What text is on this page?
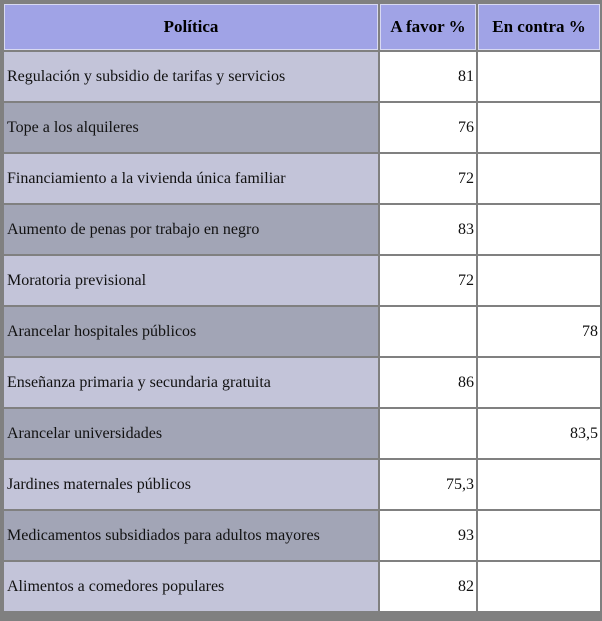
Política	A favor %	En contra %
Regulación y subsidio de tarifas y servicios	81	
Tope a los alquileres	76	
Financiamiento a la vivienda única familiar	72	
Aumento de penas por trabajo en negro	83	
Moratoria previsional	72	
Arancelar hospitales públicos		78
Enseñanza primaria y secundaria gratuita	86	
Arancelar universidades		83,5
Jardines maternales públicos	75,3	
Medicamentos subsidiados para adultos mayores	93	
Alimentos a comedores populares	82	
